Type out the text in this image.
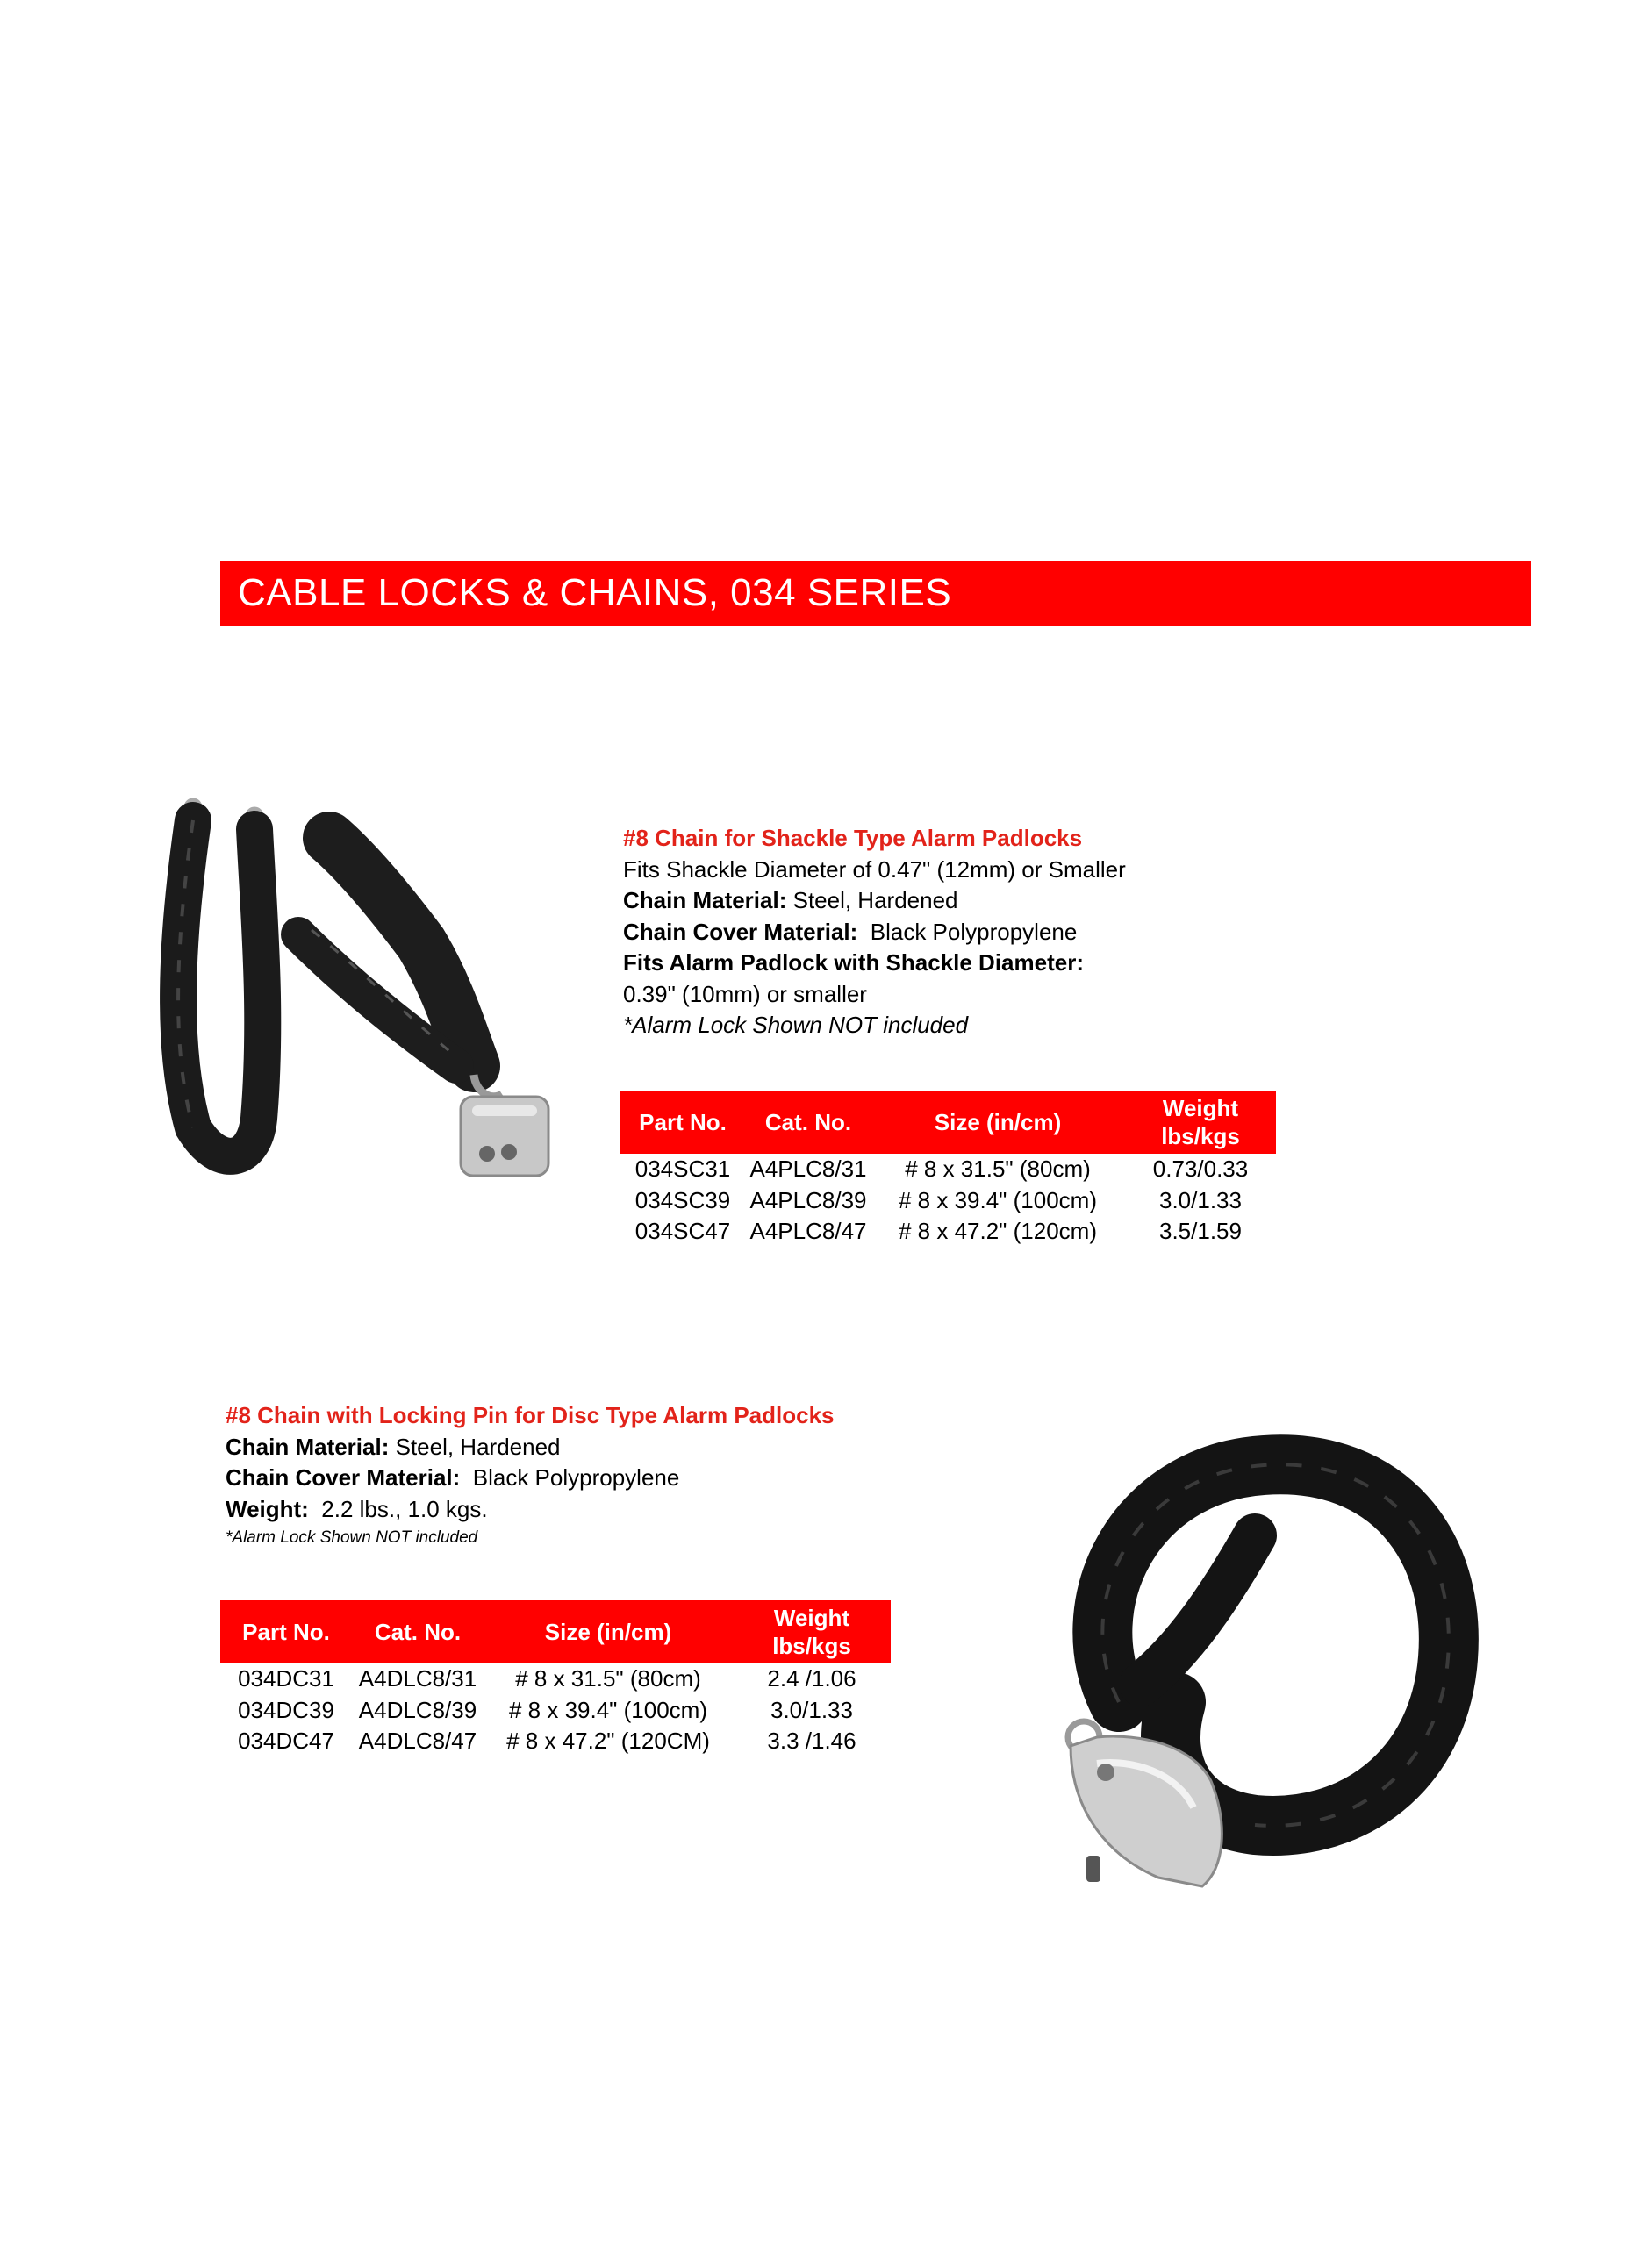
CABLE LOCKS & CHAINS, 034 SERIES
#8 Chain for Shackle Type Alarm Padlocks
Fits Shackle Diameter of 0.47" (12mm) or Smaller
Chain Material: Steel, Hardened
Chain Cover Material:  Black Polypropylene
Fits Alarm Padlock with Shackle Diameter:
0.39" (10mm) or smaller
*Alarm Lock Shown NOT included
Part No.	Cat. No.	Size (in/cm)	Weight lbs/kgs
034SC31	A4PLC8/31	# 8 x 31.5" (80cm)	0.73/0.33
034SC39	A4PLC8/39	# 8 x 39.4" (100cm)	3.0/1.33
034SC47	A4PLC8/47	# 8 x 47.2" (120cm)	3.5/1.59
#8 Chain with Locking Pin for Disc Type Alarm Padlocks
Chain Material: Steel, Hardened
Chain Cover Material:  Black Polypropylene
Weight:  2.2 lbs., 1.0 kgs.
*Alarm Lock Shown NOT included
Part No.	Cat. No.	Size (in/cm)	Weight lbs/kgs
034DC31	A4DLC8/31	# 8 x 31.5" (80cm)	2.4 /1.06
034DC39	A4DLC8/39	# 8 x 39.4" (100cm)	3.0/1.33
034DC47	A4DLC8/47	# 8 x 47.2" (120CM)	3.3 /1.46
